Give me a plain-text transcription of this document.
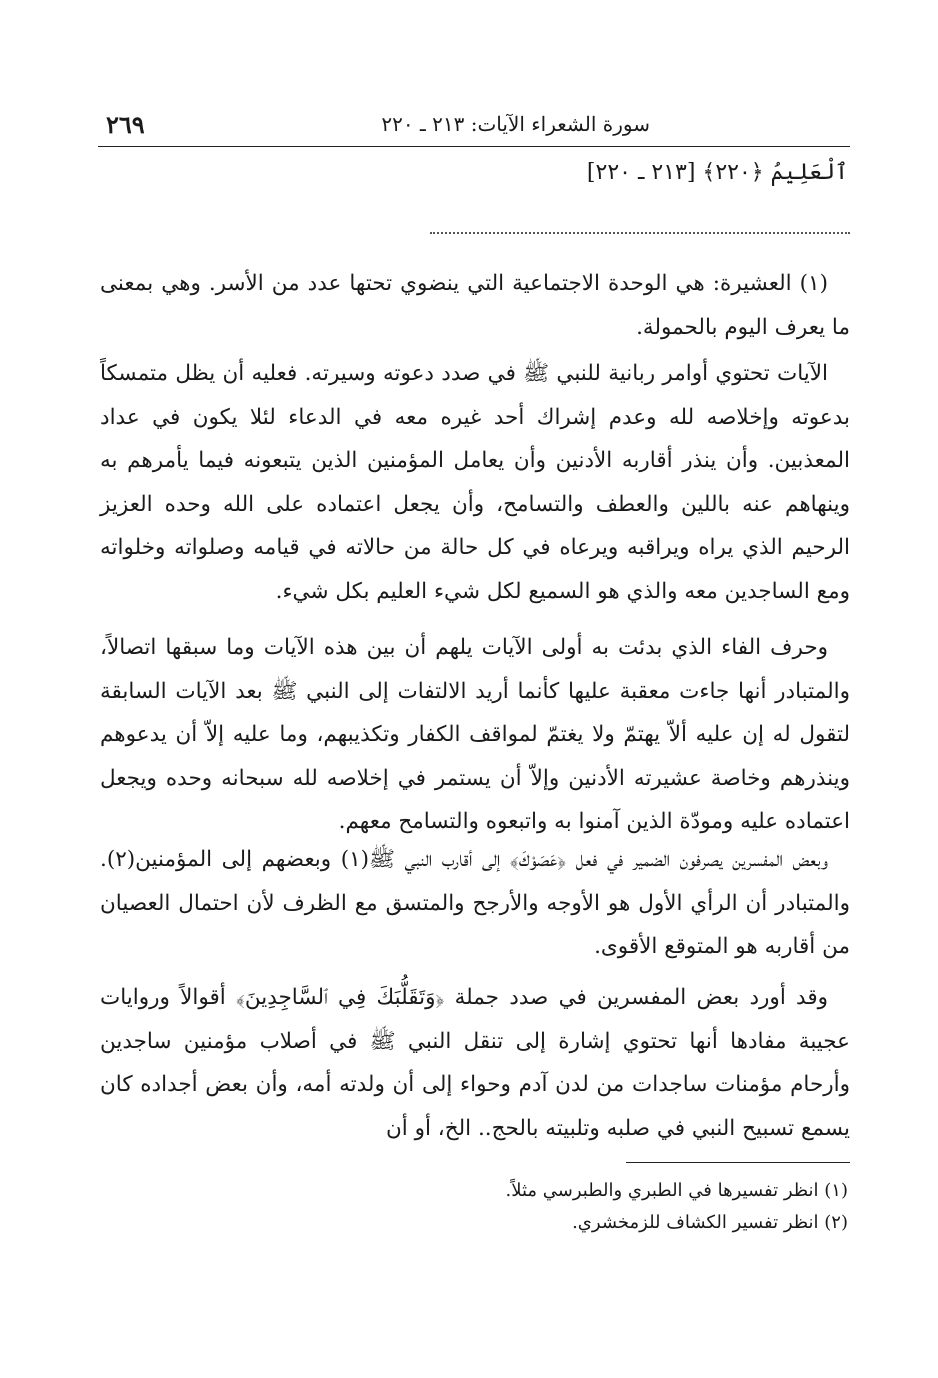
سورة الشعراء الآيات: ٢١٣ ـ ٢٢٠
٢٦٩
ٱلْعَلِيمُ ﴿٢٢٠﴾ [٢١٣ ـ ٢٢٠]

(١) العشيرة: هي الوحدة الاجتماعية التي ينضوي تحتها عدد من الأسر. وهي بمعنى ما يعرف اليوم بالحمولة.

الآيات تحتوي أوامر ربانية للنبي ﷺ في صدد دعوته وسيرته. فعليه أن يظل متمسكاً بدعوته وإخلاصه لله وعدم إشراك أحد غيره معه في الدعاء لئلا يكون في عداد المعذبين. وأن ينذر أقاربه الأدنين وأن يعامل المؤمنين الذين يتبعونه فيما يأمرهم به وينهاهم عنه باللين والعطف والتسامح، وأن يجعل اعتماده على الله وحده العزيز الرحيم الذي يراه ويراقبه ويرعاه في كل حالة من حالاته في قيامه وصلواته وخلواته ومع الساجدين معه والذي هو السميع لكل شيء العليم بكل شيء.

وحرف الفاء الذي بدئت به أولى الآيات يلهم أن بين هذه الآيات وما سبقها اتصالاً، والمتبادر أنها جاءت معقبة عليها كأنما أريد الالتفات إلى النبي ﷺ بعد الآيات السابقة لتقول له إن عليه ألاّ يهتمّ ولا يغتمّ لمواقف الكفار وتكذيبهم، وما عليه إلاّ أن يدعوهم وينذرهم وخاصة عشيرته الأدنين وإلاّ أن يستمر في إخلاصه لله سبحانه وحده ويجعل اعتماده عليه ومودّة الذين آمنوا به واتبعوه والتسامح معهم.

وبعض المفسرين يصرفون الضمير في فعل ﴿عَصَوْكَ﴾ إلى أقارب النبي ﷺ(١) وبعضهم إلى المؤمنين(٢). والمتبادر أن الرأي الأول هو الأوجه والأرجح والمتسق مع الظرف لأن احتمال العصيان من أقاربه هو المتوقع الأقوى.

وقد أورد بعض المفسرين في صدد جملة ﴿وَتَقَلُّبَكَ فِي ٱلسَّاجِدِينَ﴾ أقوالاً وروايات عجيبة مفادها أنها تحتوي إشارة إلى تنقل النبي ﷺ في أصلاب مؤمنين ساجدين وأرحام مؤمنات ساجدات من لدن آدم وحواء إلى أن ولدته أمه، وأن بعض أجداده كان يسمع تسبيح النبي في صلبه وتلبيته بالحج.. الخ، أو أن

(١) انظر تفسيرها في الطبري والطبرسي مثلاً.
(٢) انظر تفسير الكشاف للزمخشري.
